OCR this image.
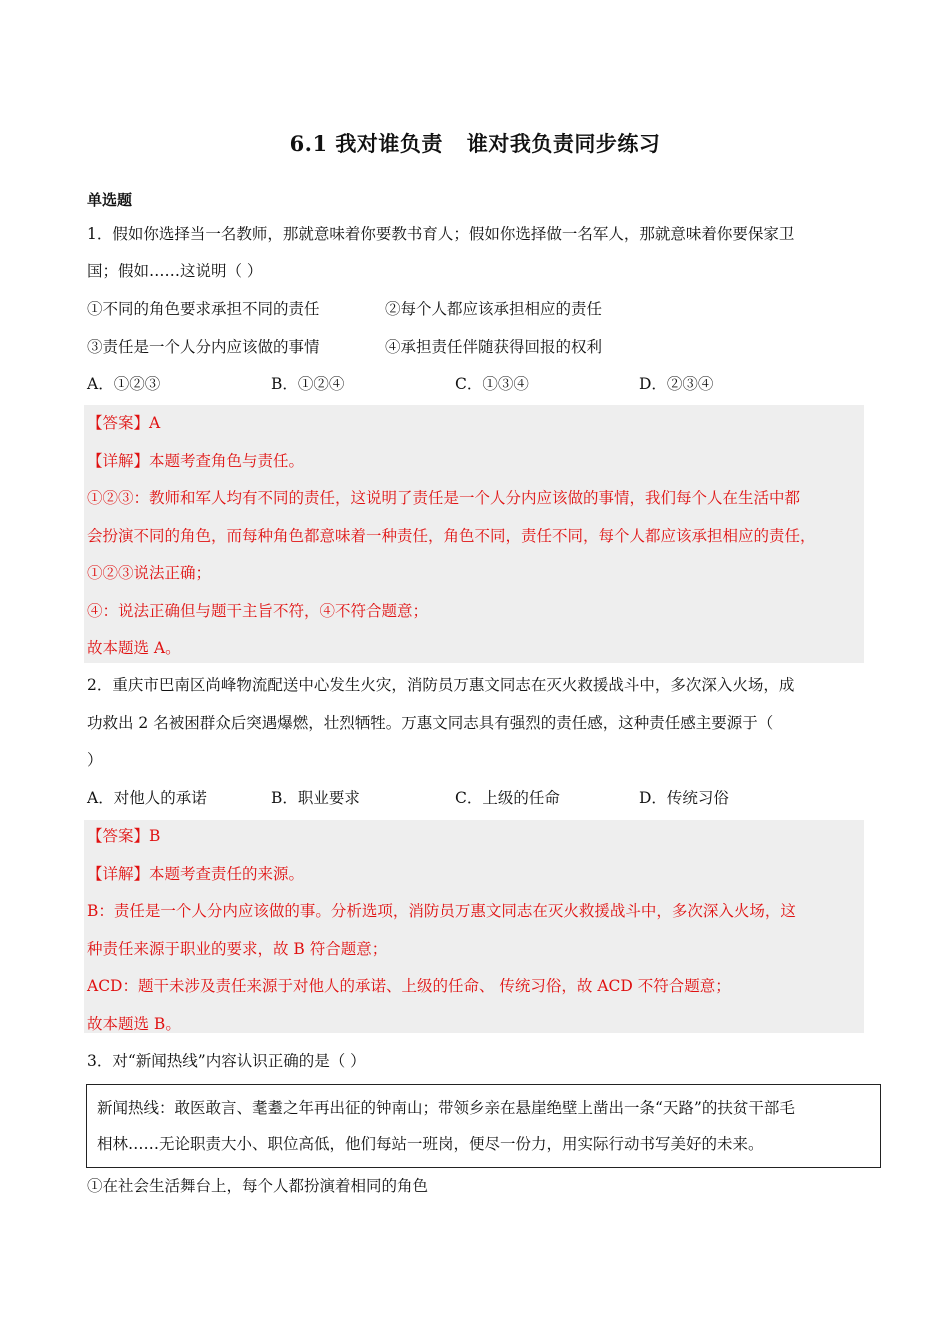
6.1 我对谁负责 谁对我负责同步练习
单选题
1．假如你选择当一名教师，那就意味着你要教书育人；假如你选择做一名军人，那就意味着你要保家卫
国；假如……这说明（ ）
①不同的角色要求承担不同的责任	②每个人都应该承担相应的责任
③责任是一个人分内应该做的事情	④承担责任伴随获得回报的权利
A．①②③	B．①②④	C．①③④	D．②③④
【答案】A
【详解】本题考查角色与责任。
①②③：教师和军人均有不同的责任，这说明了责任是一个人分内应该做的事情，我们每个人在生活中都
会扮演不同的角色，而每种角色都意味着一种责任，角色不同，责任不同，每个人都应该承担相应的责任，
①②③说法正确；
④：说法正确但与题干主旨不符，④不符合题意；
故本题选 A。
2．重庆市巴南区尚峰物流配送中心发生火灾，消防员万惠文同志在灭火救援战斗中，多次深入火场，成
功救出 2 名被困群众后突遇爆燃，壮烈牺牲。万惠文同志具有强烈的责任感，这种责任感主要源于（
）
A．对他人的承诺	B．职业要求	C．上级的任命	D．传统习俗
【答案】B
【详解】本题考查责任的来源。
B：责任是一个人分内应该做的事。分析选项，消防员万惠文同志在灭火救援战斗中，多次深入火场，这
种责任来源于职业的要求，故 B 符合题意；
ACD：题干未涉及责任来源于对他人的承诺、上级的任命、 传统习俗，故 ACD 不符合题意；
故本题选 B。
3．对“新闻热线”内容认识正确的是（ ）
新闻热线：敢医敢言、耄耋之年再出征的钟南山；带领乡亲在悬崖绝壁上凿出一条“天路”的扶贫干部毛
相林……无论职责大小、职位高低，他们每站一班岗，便尽一份力，用实际行动书写美好的未来。
①在社会生活舞台上，每个人都扮演着相同的角色
